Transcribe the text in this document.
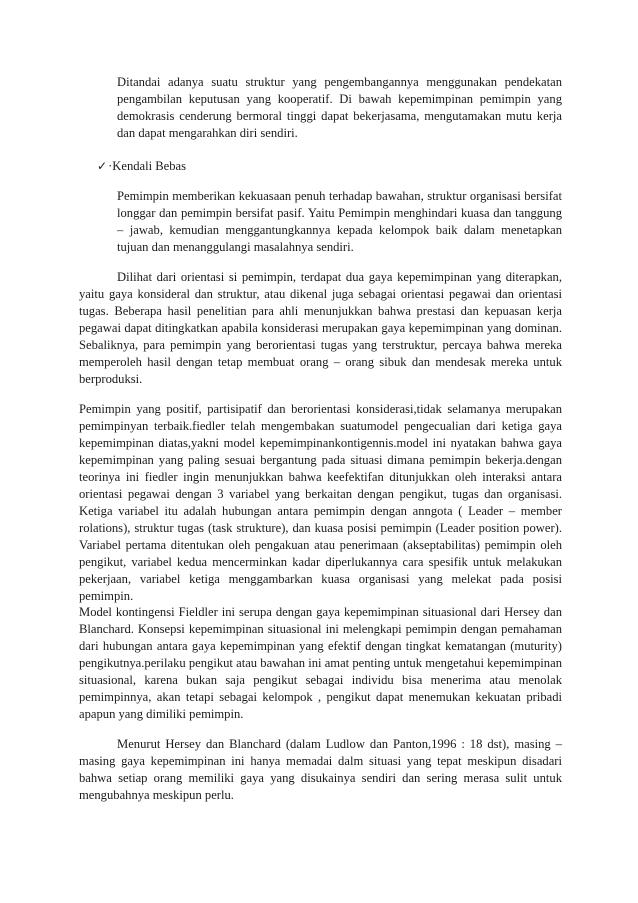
Ditandai adanya suatu struktur yang pengembangannya menggunakan pendekatan pengambilan keputusan yang kooperatif. Di bawah kepemimpinan pemimpin yang demokrasis cenderung bermoral tinggi dapat bekerjasama, mengutamakan mutu kerja dan dapat mengarahkan diri sendiri.

✓ ·Kendali Bebas

Pemimpin memberikan kekuasaan penuh terhadap bawahan, struktur organisasi bersifat longgar dan pemimpin bersifat pasif. Yaitu Pemimpin menghindari kuasa dan tanggung – jawab, kemudian menggantungkannya kepada kelompok baik dalam menetapkan tujuan dan menanggulangi masalahnya sendiri.

Dilihat dari orientasi si pemimpin, terdapat dua gaya kepemimpinan yang diterapkan, yaitu gaya konsideral dan struktur, atau dikenal juga sebagai orientasi pegawai dan orientasi tugas. Beberapa hasil penelitian para ahli menunjukkan bahwa prestasi dan kepuasan kerja pegawai dapat ditingkatkan apabila konsiderasi merupakan gaya kepemimpinan yang dominan. Sebaliknya, para pemimpin yang berorientasi tugas yang terstruktur, percaya bahwa mereka memperoleh hasil dengan tetap membuat orang – orang sibuk dan mendesak mereka untuk berproduksi.

Pemimpin yang positif, partisipatif dan berorientasi konsiderasi,tidak selamanya merupakan pemimpinyan terbaik.fiedler telah mengembakan suatumodel pengecualian dari ketiga gaya kepemimpinan diatas,yakni model kepemimpinankontigennis.model ini nyatakan bahwa gaya kepemimpinan yang paling sesuai bergantung pada situasi dimana pemimpin bekerja.dengan teorinya ini fiedler ingin menunjukkan bahwa keefektifan ditunjukkan oleh interaksi antara orientasi pegawai dengan 3 variabel yang berkaitan dengan pengikut, tugas dan organisasi. Ketiga variabel itu adalah hubungan antara pemimpin dengan anngota ( Leader – member rolations), struktur tugas (task strukture), dan kuasa posisi pemimpin (Leader position power). Variabel pertama ditentukan oleh pengakuan atau penerimaan (akseptabilitas) pemimpin oleh pengikut, variabel kedua mencerminkan kadar diperlukannya cara spesifik untuk melakukan pekerjaan, variabel ketiga menggambarkan kuasa organisasi yang melekat pada posisi pemimpin.

Model kontingensi Fieldler ini serupa dengan gaya kepemimpinan situasional dari Hersey dan Blanchard. Konsepsi kepemimpinan situasional ini melengkapi pemimpin dengan pemahaman dari hubungan antara gaya kepemimpinan yang efektif dengan tingkat kematangan (muturity) pengikutnya.perilaku pengikut atau bawahan ini amat penting untuk mengetahui kepemimpinan situasional, karena bukan saja pengikut sebagai individu bisa menerima atau menolak pemimpinnya, akan tetapi sebagai kelompok , pengikut dapat menemukan kekuatan pribadi apapun yang dimiliki pemimpin.

Menurut Hersey dan Blanchard (dalam Ludlow dan Panton,1996 : 18 dst), masing – masing gaya kepemimpinan ini hanya memadai dalm situasi yang tepat meskipun disadari bahwa setiap orang memiliki gaya yang disukainya sendiri dan sering merasa sulit untuk mengubahnya meskipun perlu.
